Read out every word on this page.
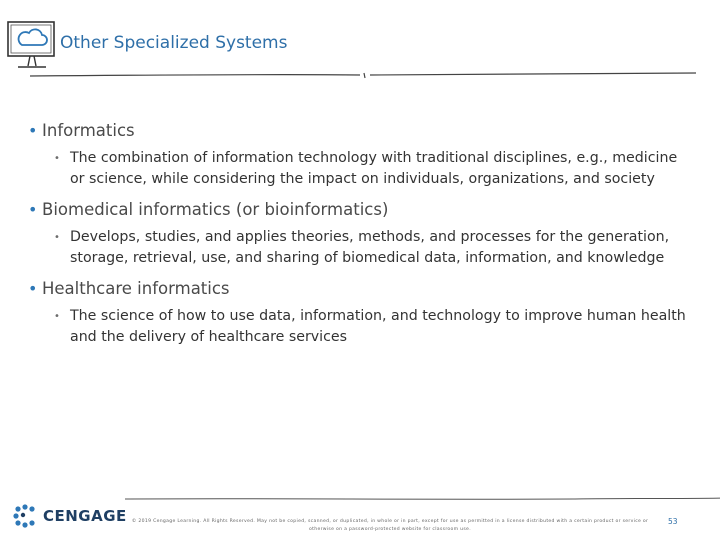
Other Specialized Systems
• Informatics
• The combination of information technology with traditional disciplines, e.g., medicine or science, while considering the impact on individuals, organizations, and society
• Biomedical informatics (or bioinformatics)
• Develops, studies, and applies theories, methods, and processes for the generation, storage, retrieval, use, and sharing of biomedical data, information, and knowledge
• Healthcare informatics
• The science of how to use data, information, and technology to improve human health and the delivery of healthcare services
CENGAGE	© 2019 Cengage Learning. All Rights Reserved. May not be copied, scanned, or duplicated, in whole or in part, except for use as permitted in a license distributed with a certain product or service or otherwise on a password-protected website for classroom use.
53
